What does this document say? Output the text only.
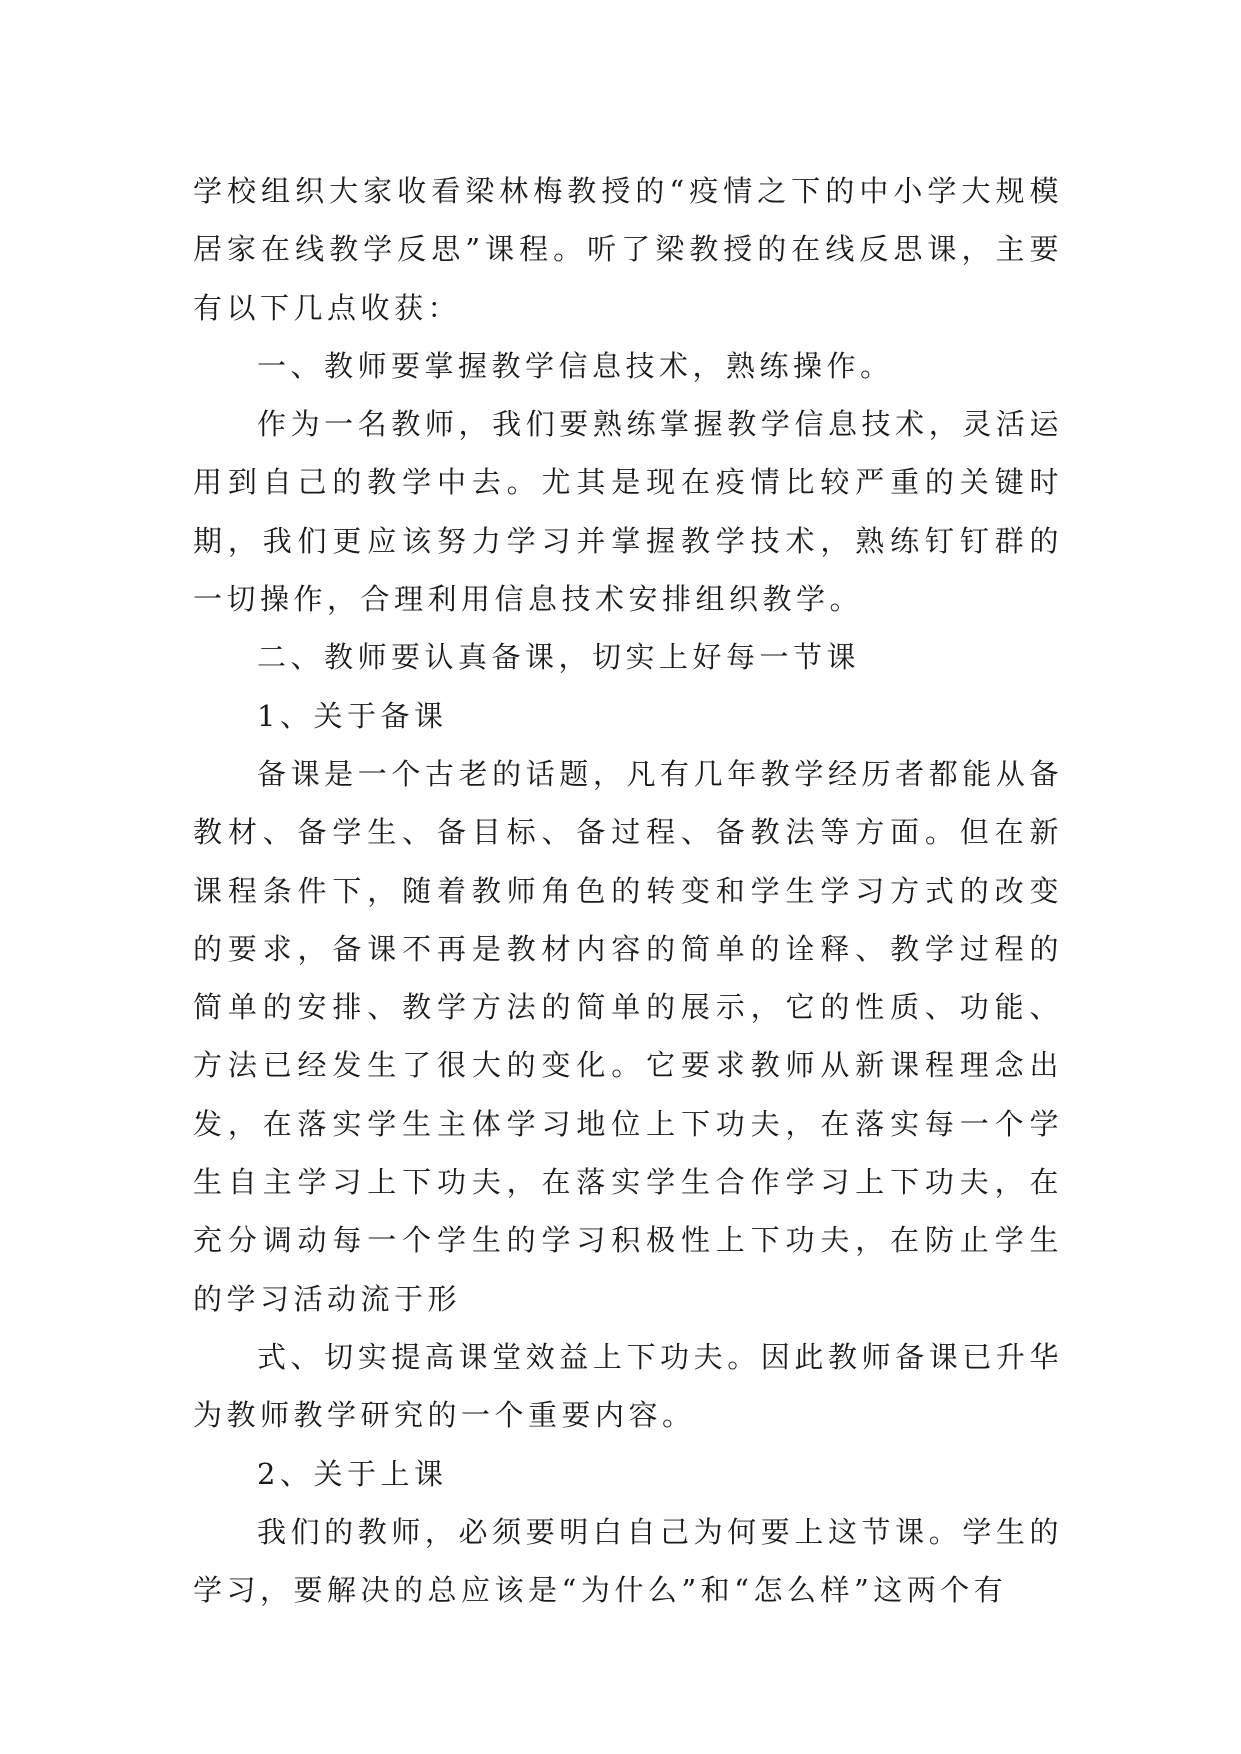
学校组织大家收看梁林梅教授的“疫情之下的中小学大规模居家在线教学反思”课程。听了梁教授的在线反思课，主要有以下几点收获：

一、教师要掌握教学信息技术，熟练操作。

作为一名教师，我们要熟练掌握教学信息技术，灵活运用到自己的教学中去。尤其是现在疫情比较严重的关键时期，我们更应该努力学习并掌握教学技术，熟练钉钉群的一切操作，合理利用信息技术安排组织教学。

二、教师要认真备课，切实上好每一节课

1、关于备课

备课是一个古老的话题，凡有几年教学经历者都能从备教材、备学生、备目标、备过程、备教法等方面。但在新课程条件下，随着教师角色的转变和学生学习方式的改变的要求，备课不再是教材内容的简单的诠释、教学过程的简单的安排、教学方法的简单的展示，它的性质、功能、方法已经发生了很大的变化。它要求教师从新课程理念出发，在落实学生主体学习地位上下功夫，在落实每一个学生自主学习上下功夫，在落实学生合作学习上下功夫，在充分调动每一个学生的学习积极性上下功夫，在防止学生的学习活动流于形

式、切实提高课堂效益上下功夫。因此教师备课已升华为教师教学研究的一个重要内容。

2、关于上课

我们的教师，必须要明白自己为何要上这节课。学生的学习，要解决的总应该是“为什么”和“怎么样”这两个有
